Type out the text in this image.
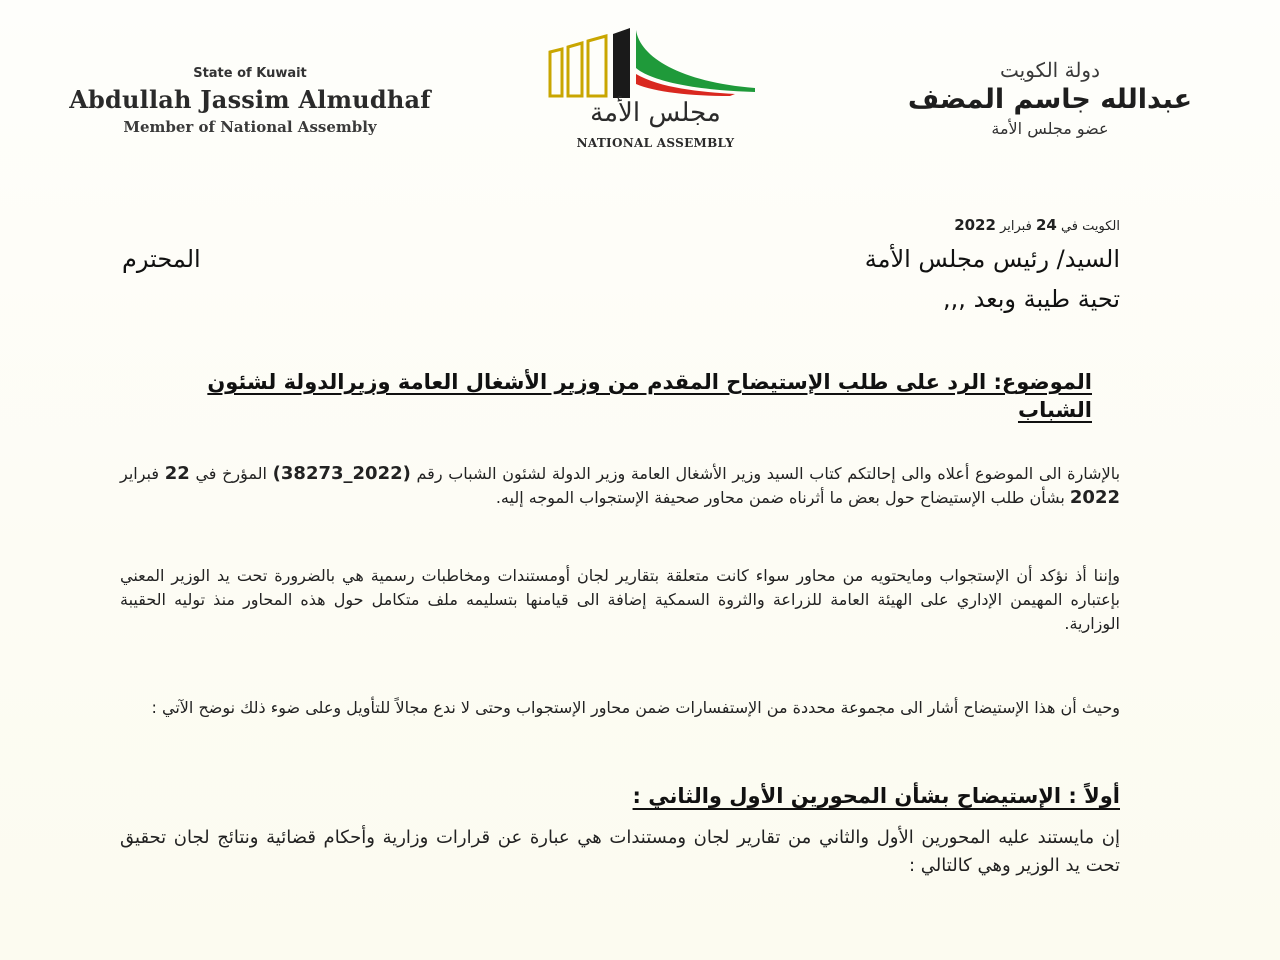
State of Kuwait
Abdullah Jassim Almudhaf
Member of National Assembly	مجلس الأمة
NATIONAL ASSEMBLY
دولة الكويت
عبدالله جاسم المضف
عضو مجلس الأمة
الكويت في 24 فبراير 2022
السيد/ رئيس مجلس الأمة
المحترم
تحية طيبة وبعد ,,,
الموضوع: الرد على طلب الإستيضاح المقدم من وزير الأشغال العامة وزيرالدولة لشئون الشباب
بالإشارة الى الموضوع أعلاه والى إحالتكم كتاب السيد وزير الأشغال العامة وزير الدولة لشئون الشباب رقم (2022_38273) المؤرخ في 22 فبراير 2022 بشأن طلب الإستيضاح حول بعض ما أثرناه ضمن محاور صحيفة الإستجواب الموجه إليه.
وإننا أذ نؤكد أن الإستجواب ومايحتويه من محاور سواء كانت متعلقة بتقارير لجان أومستندات ومخاطبات رسمية هي بالضرورة تحت يد الوزير المعني بإعتباره المهيمن الإداري على الهيئة العامة للزراعة والثروة السمكية إضافة الى قيامنها بتسليمه ملف متكامل حول هذه المحاور منذ توليه الحقيبة الوزارية.
وحيث أن هذا الإستيضاح أشار الى مجموعة محددة من الإستفسارات ضمن محاور الإستجواب وحتى لا ندع مجالاً للتأويل وعلى ضوء ذلك نوضح الآتي :
أولاً : الإستيضاح بشأن المحورين الأول والثاني :
إن مايستند عليه المحورين الأول والثاني من تقارير لجان ومستندات هي عبارة عن قرارات وزارية وأحكام قضائية ونتائج لجان تحقيق تحت يد الوزير وهي كالتالي :
